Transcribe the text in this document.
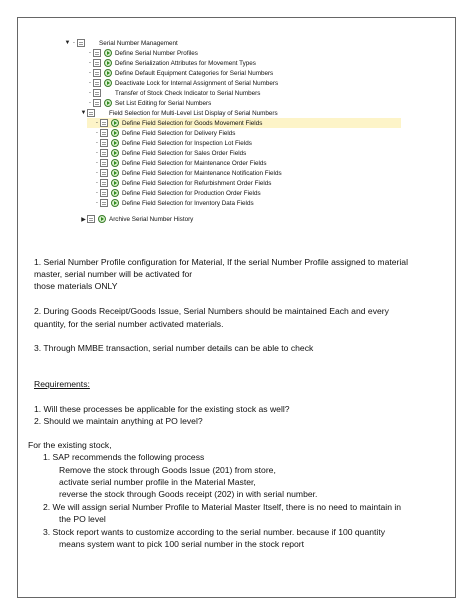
▼ ·	Serial Number Management
·	Define Serial Number Profiles
·	Define Serialization Attributes for Movement Types
·	Define Default Equipment Categories for Serial Numbers
·	Deactivate Lock for Internal Assignment of Serial Numbers
·	Transfer of Stock Check Indicator to Serial Numbers
·	Set List Editing for Serial Numbers
▼	Field Selection for Multi-Level List Display of Serial Numbers
·	Define Field Selection for Goods Movement Fields
·	Define Field Selection for Delivery Fields
·	Define Field Selection for Inspection Lot Fields
·	Define Field Selection for Sales Order Fields
·	Define Field Selection for Maintenance Order Fields
·	Define Field Selection for Maintenance Notification Fields
·	Define Field Selection for Refurbishment Order Fields
·	Define Field Selection for Production Order Fields
·	Define Field Selection for Inventory Data Fields
▶	Archive Serial Number History
1. Serial Number Profile configuration for Material, If the serial Number Profile assigned to material
master, serial number will be activated for
those materials ONLY
2. During Goods Receipt/Goods Issue, Serial Numbers should be maintained Each and every
quantity, for the serial number activated materials.
3. Through MMBE transaction, serial number details can be able to check
Requirements:
1. Will these processes be applicable for the existing stock as well?
2. Should we maintain anything at PO level?
For the existing stock,
1. SAP recommends the following process
Remove the stock through Goods Issue (201) from store,
activate serial number profile in the Material Master,
reverse the stock through Goods receipt (202) in with serial number.
2. We will assign serial Number Profile to Material Master Itself, there is no need to maintain in
the PO level
3. Stock report wants to customize according to the serial number. because if 100 quantity
means system want to pick 100 serial number in the stock report
